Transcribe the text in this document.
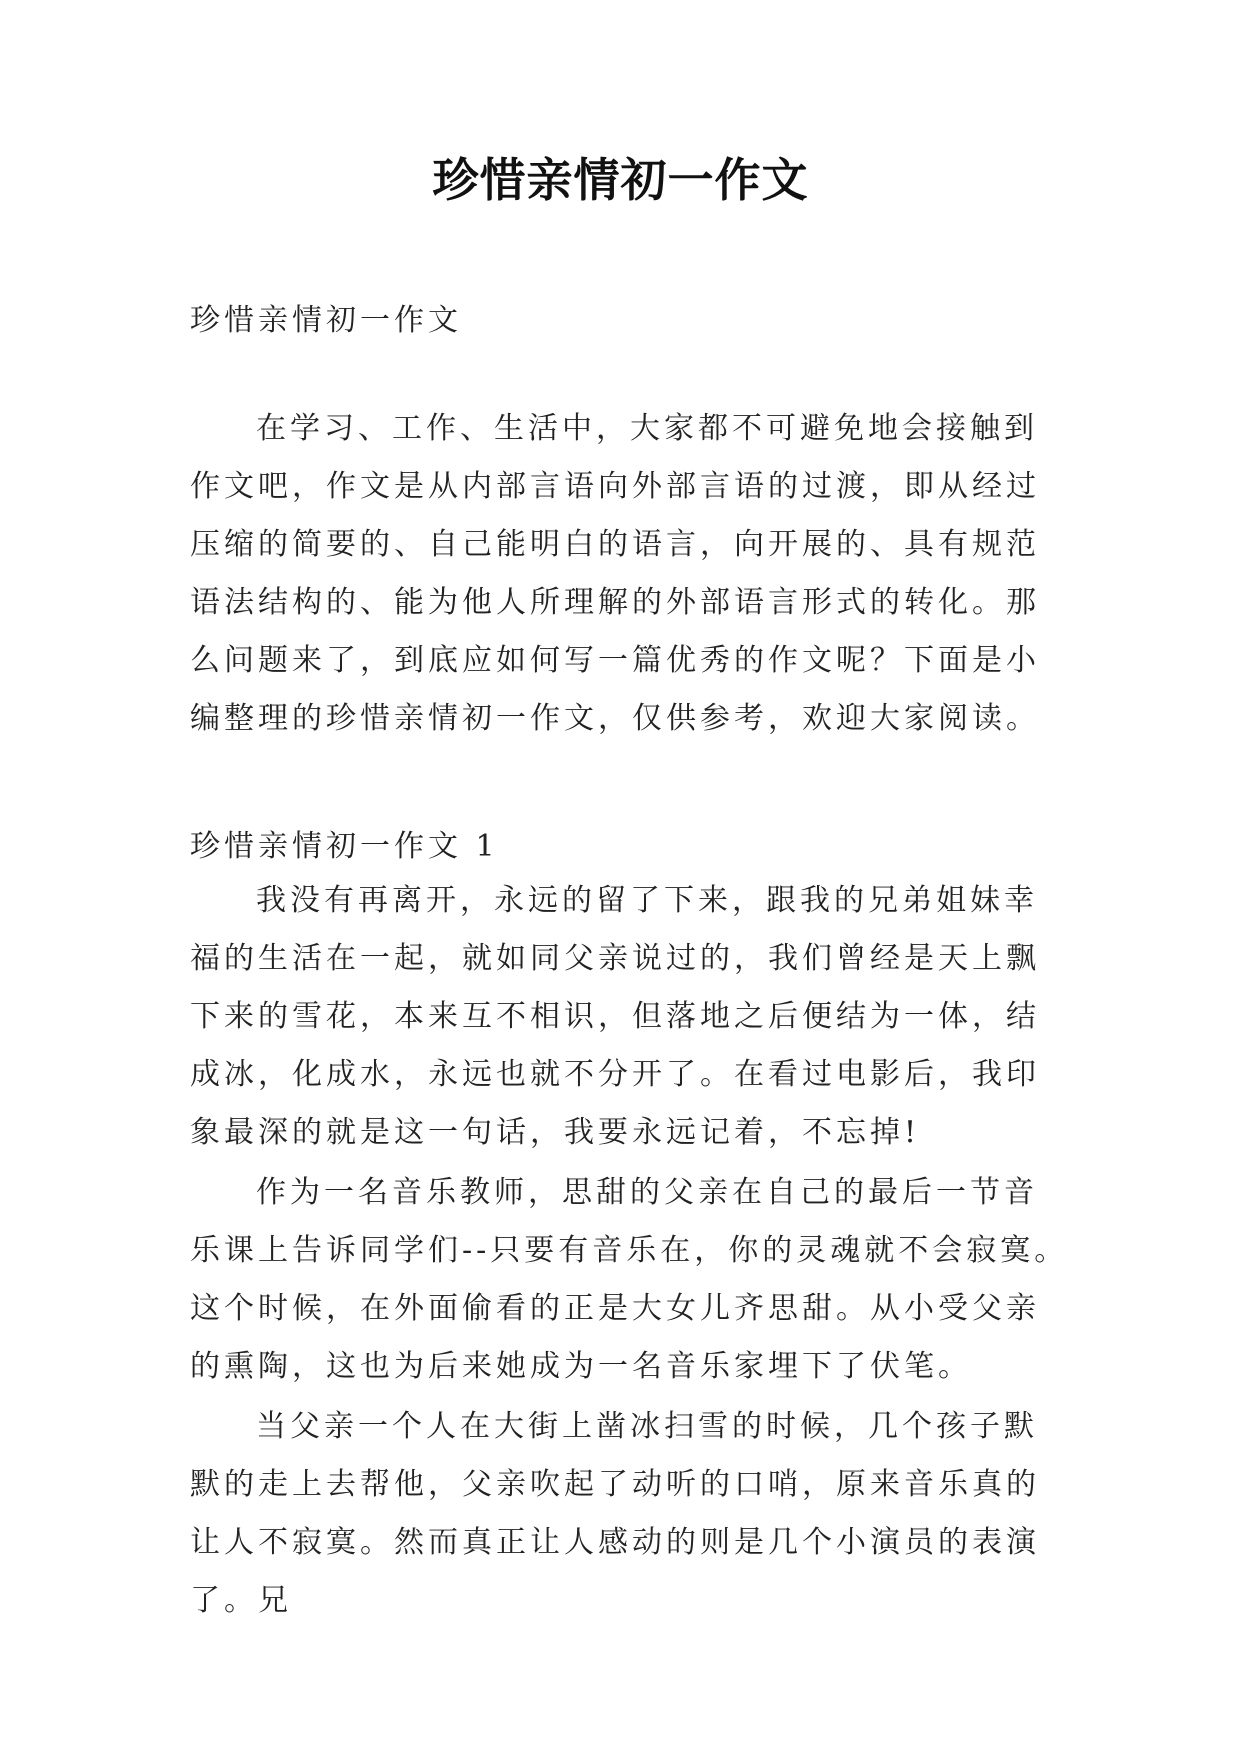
珍惜亲情初一作文

珍惜亲情初一作文

在学习、工作、生活中，大家都不可避免地会接触到作文吧，作文是从内部言语向外部言语的过渡，即从经过压缩的简要的、自己能明白的语言，向开展的、具有规范语法结构的、能为他人所理解的外部语言形式的转化。那么问题来了，到底应如何写一篇优秀的作文呢？下面是小编整理的珍惜亲情初一作文，仅供参考，欢迎大家阅读。

珍惜亲情初一作文 1

我没有再离开，永远的留了下来，跟我的兄弟姐妹幸福的生活在一起，就如同父亲说过的，我们曾经是天上飘下来的雪花，本来互不相识，但落地之后便结为一体，结成冰，化成水，永远也就不分开了。在看过电影后，我印象最深的就是这一句话，我要永远记着，不忘掉!

作为一名音乐教师，思甜的父亲在自己的最后一节音乐课上告诉同学们--只要有音乐在，你的灵魂就不会寂寞。这个时候，在外面偷看的正是大女儿齐思甜。从小受父亲的熏陶，这也为后来她成为一名音乐家埋下了伏笔。

当父亲一个人在大街上凿冰扫雪的时候，几个孩子默默的走上去帮他，父亲吹起了动听的口哨，原来音乐真的让人不寂寞。然而真正让人感动的则是几个小演员的表演了。兄
